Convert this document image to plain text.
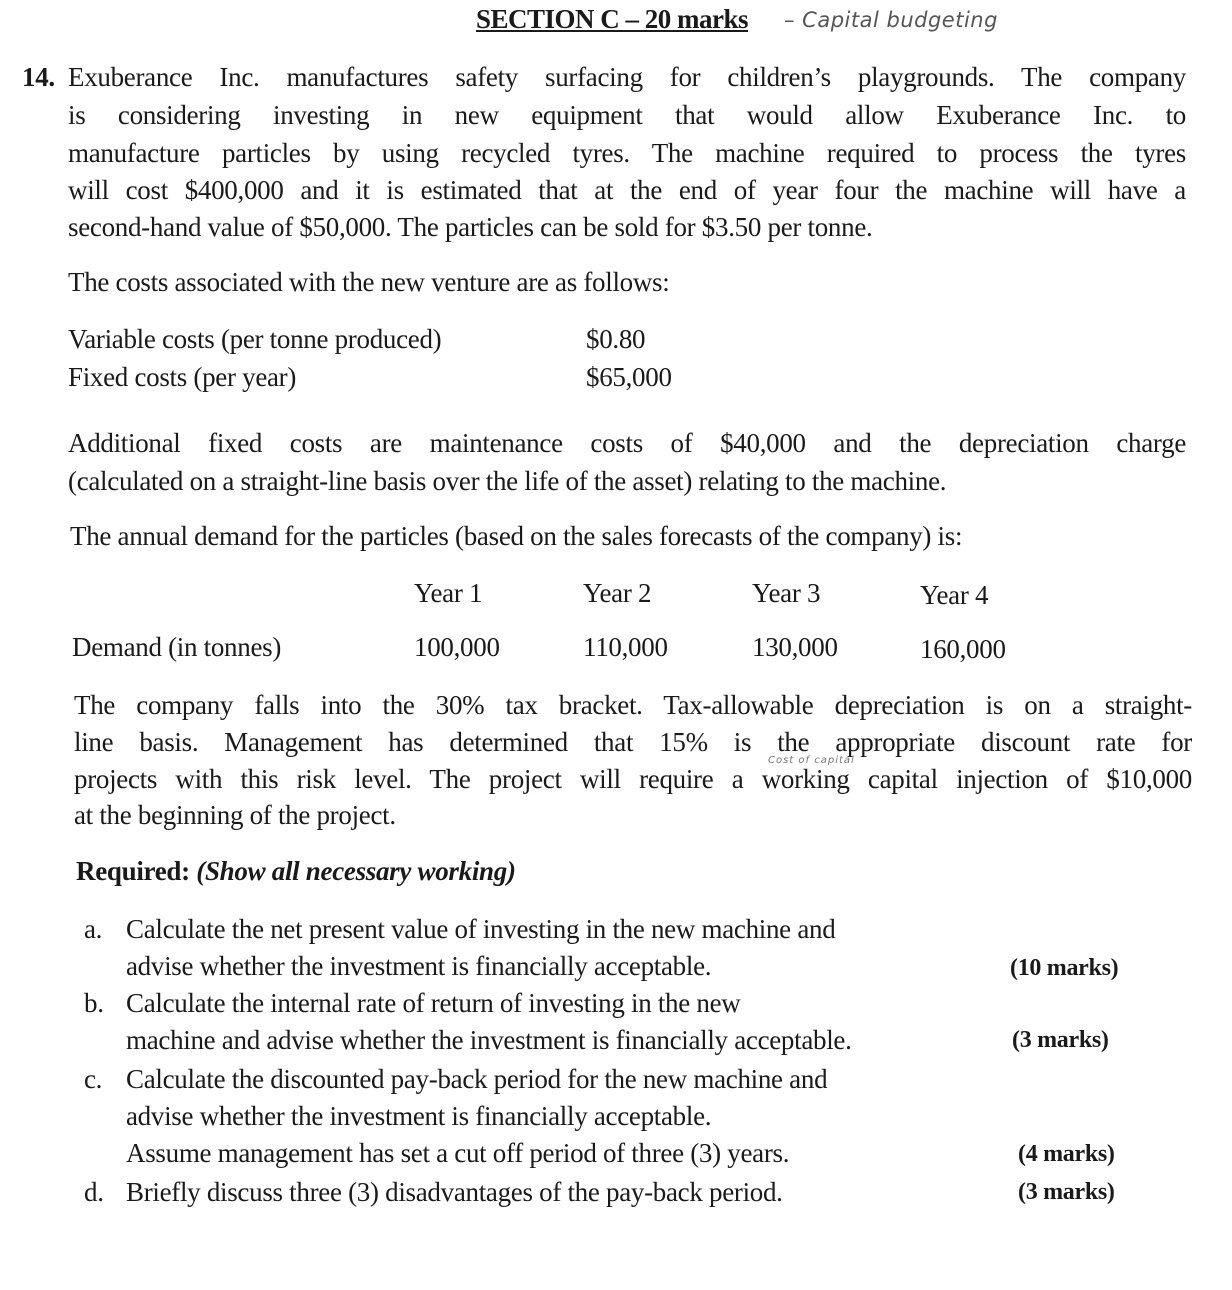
SECTION C – 20 marks – Capital budgeting
14. Exuberance Inc. manufactures safety surfacing for children’s playgrounds. The company
is considering investing in new equipment that would allow Exuberance Inc. to
manufacture particles by using recycled tyres. The machine required to process the tyres
will cost $400,000 and it is estimated that at the end of year four the machine will have a
second-hand value of $50,000. The particles can be sold for $3.50 per tonne.
The costs associated with the new venture are as follows:
Variable costs (per tonne produced)	$0.80
Fixed costs (per year)	$65,000
Additional fixed costs are maintenance costs of $40,000 and the depreciation charge
(calculated on a straight-line basis over the life of the asset) relating to the machine.
The annual demand for the particles (based on the sales forecasts of the company) is:
Year 1	Year 2	Year 3	Year 4
Demand (in tonnes)	100,000	110,000	130,000	160,000
The company falls into the 30% tax bracket. Tax-allowable depreciation is on a straight-
line basis. Management has determined that 15% is the appropriate discount rate for
Cost of capital
projects with this risk level. The project will require a working capital injection of $10,000
at the beginning of the project.
Required: (Show all necessary working)
a. Calculate the net present value of investing in the new machine and
advise whether the investment is financially acceptable.	(10 marks)
b. Calculate the internal rate of return of investing in the new
machine and advise whether the investment is financially acceptable.	(3 marks)
c. Calculate the discounted pay-back period for the new machine and
advise whether the investment is financially acceptable.
Assume management has set a cut off period of three (3) years.	(4 marks)
d. Briefly discuss three (3) disadvantages of the pay-back period.	(3 marks)
